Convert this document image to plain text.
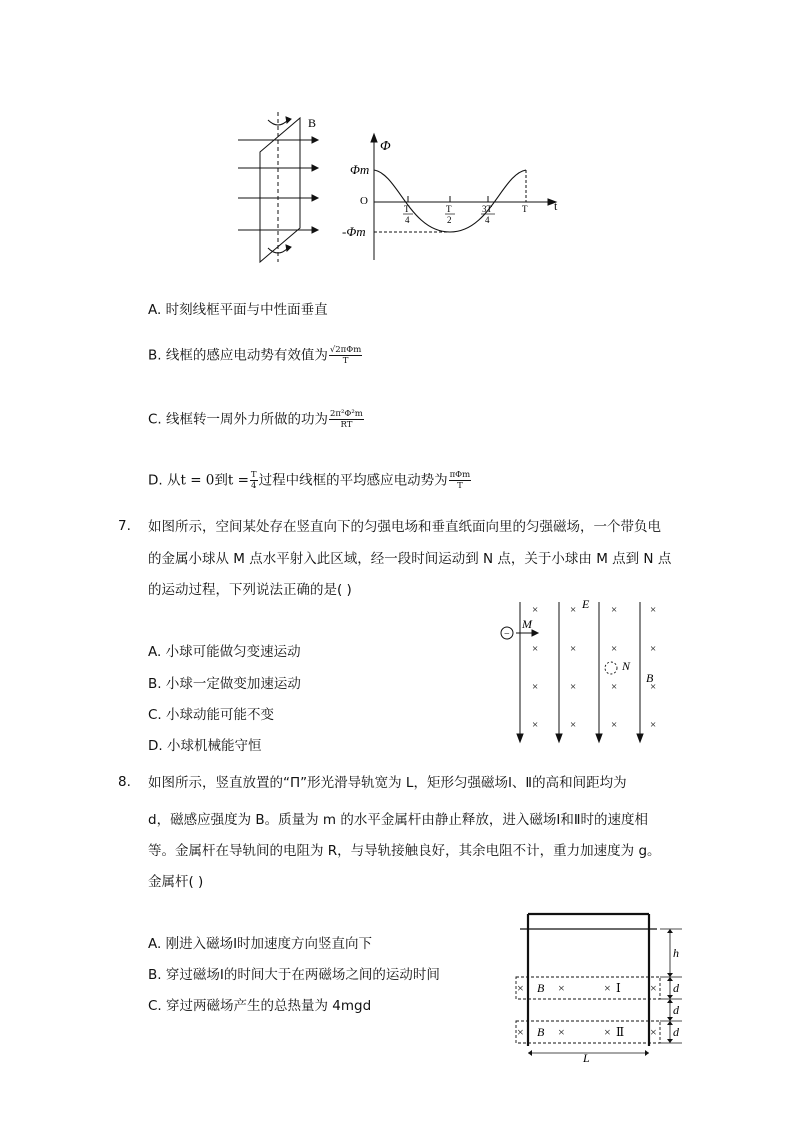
B
Φ
Φm
O
-Φm
t
T
4
T
2
3T
4
T
A. 时刻线框平面与中性面垂直
B. 线框的感应电动势有效值为 $\frac{\text{√2πΦm}}{T}$
C. 线框转一周外力所做的功为 $\frac{\text{2π²Φ²m}}{RT}$
D. 从t = 0到$t = \frac{T}{4}$ 过程中线框的平均感应电动势为 $\frac{\text{πΦm}}{T}$
7. 如图所示，空间某处存在竖直向下的匀强电场和垂直纸面向里的匀强磁场，一个带负电
的金属小球从 M 点水平射入此区域，经一段时间运动到 N 点，关于小球由 M 点到 N 点
的运动过程，下列说法正确的是( )
A. 小球可能做匀变速运动
B. 小球一定做变加速运动
C. 小球动能可能不变
D. 小球机械能守恒
−
M
E
N
B
×	×	×	×
×	×	×	×
×	×	×	×
×	×	×	×
8. 如图所示，竖直放置的“Π”形光滑导轨宽为 L，矩形匀强磁场Ⅰ、Ⅱ的高和间距均为
d，磁感应强度为 B。质量为 m 的水平金属杆由静止释放，进入磁场Ⅰ和Ⅱ时的速度相
等。金属杆在导轨间的电阻为 R，与导轨接触良好，其余电阻不计，重力加速度为 g。
金属杆( )
A. 刚进入磁场Ⅰ时加速度方向竖直向下
B. 穿过磁场Ⅰ的时间大于在两磁场之间的运动时间
C. 穿过两磁场产生的总热量为 4mgd
h
d
d
d
L
× B ×	× Ⅰ ×
× B ×	× Ⅱ ×
